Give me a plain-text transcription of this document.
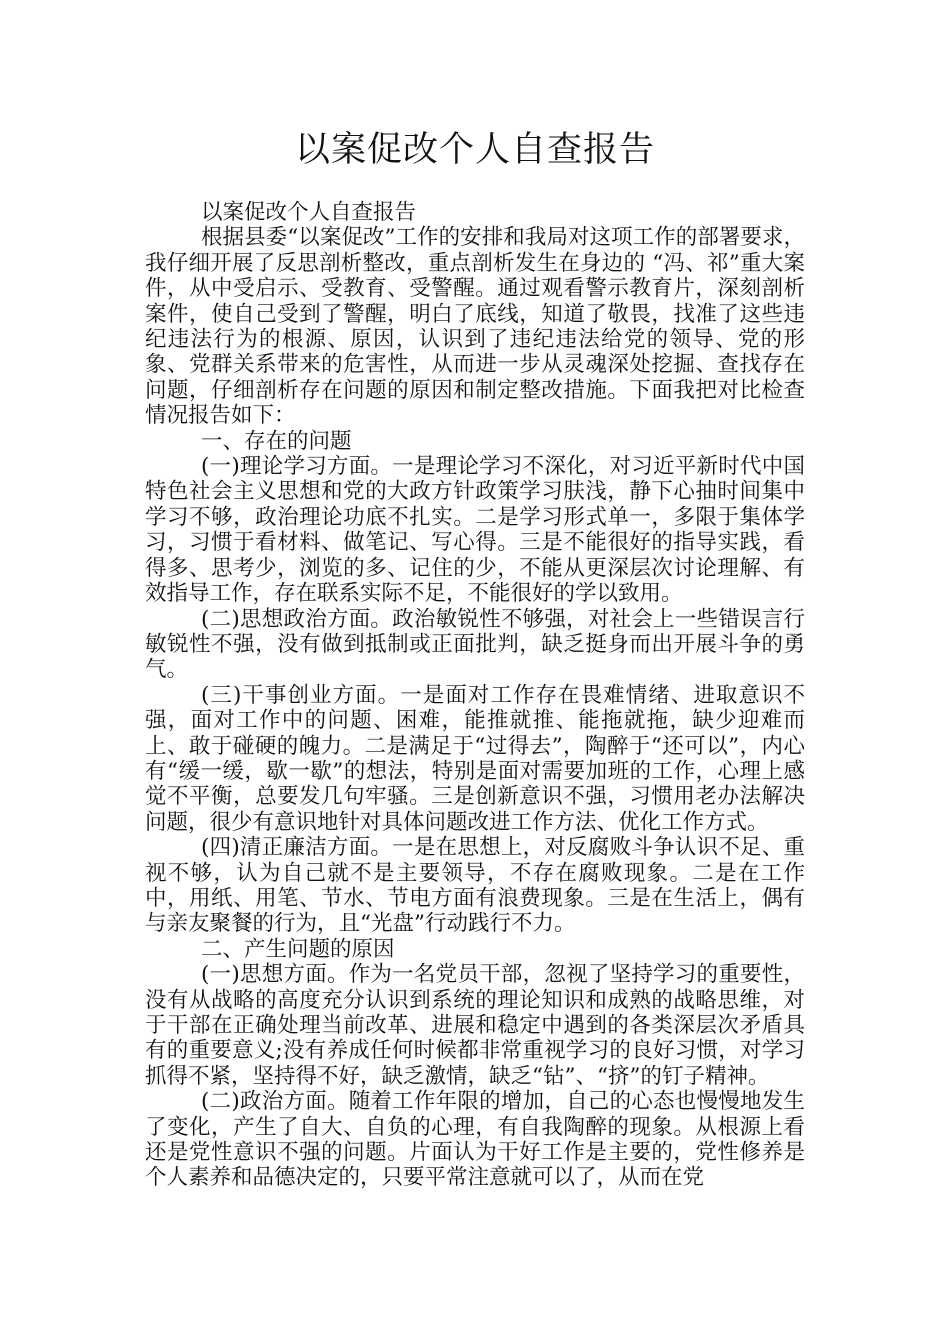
以案促改个人自查报告

以案促改个人自查报告

根据县委“以案促改”工作的安排和我局对这项工作的部署要求，我仔细开展了反思剖析整改，重点剖析发生在身边的 “冯、祁”重大案件，从中受启示、受教育、受警醒。通过观看警示教育片，深刻剖析案件，使自己受到了警醒，明白了底线，知道了敬畏，找准了这些违纪违法行为的根源、原因，认识到了违纪违法给党的领导、党的形象、党群关系带来的危害性，从而进一步从灵魂深处挖掘、查找存在问题，仔细剖析存在问题的原因和制定整改措施。下面我把对比检查情况报告如下：

一、存在的问题

(一)理论学习方面。一是理论学习不深化，对习近平新时代中国特色社会主义思想和党的大政方针政策学习肤浅，静下心抽时间集中学习不够，政治理论功底不扎实。二是学习形式单一，多限于集体学习，习惯于看材料、做笔记、写心得。三是不能很好的指导实践，看得多、思考少，浏览的多、记住的少，不能从更深层次讨论理解、有效指导工作，存在联系实际不足，不能很好的学以致用。

(二)思想政治方面。政治敏锐性不够强，对社会上一些错误言行敏锐性不强，没有做到抵制或正面批判，缺乏挺身而出开展斗争的勇气。

(三)干事创业方面。一是面对工作存在畏难情绪、进取意识不强，面对工作中的问题、困难，能推就推、能拖就拖，缺少迎难而上、敢于碰硬的魄力。二是满足于“过得去”，陶醉于“还可以”，内心有“缓一缓，歇一歇”的想法，特别是面对需要加班的工作，心理上感觉不平衡，总要发几句牢骚。三是创新意识不强，习惯用老办法解决问题，很少有意识地针对具体问题改进工作方法、优化工作方式。

(四)清正廉洁方面。一是在思想上，对反腐败斗争认识不足、重视不够，认为自己就不是主要领导，不存在腐败现象。二是在工作中，用纸、用笔、节水、节电方面有浪费现象。三是在生活上，偶有与亲友聚餐的行为，且“光盘”行动践行不力。

二、产生问题的原因

(一)思想方面。作为一名党员干部，忽视了坚持学习的重要性，没有从战略的高度充分认识到系统的理论知识和成熟的战略思维，对于干部在正确处理当前改革、进展和稳定中遇到的各类深层次矛盾具有的重要意义;没有养成任何时候都非常重视学习的良好习惯，对学习抓得不紧，坚持得不好，缺乏激情，缺乏“钻”、“挤”的钉子精神。

(二)政治方面。随着工作年限的增加，自己的心态也慢慢地发生了变化，产生了自大、自负的心理，有自我陶醉的现象。从根源上看还是党性意识不强的问题。片面认为干好工作是主要的，党性修养是个人素养和品德决定的，只要平常注意就可以了，从而在党
